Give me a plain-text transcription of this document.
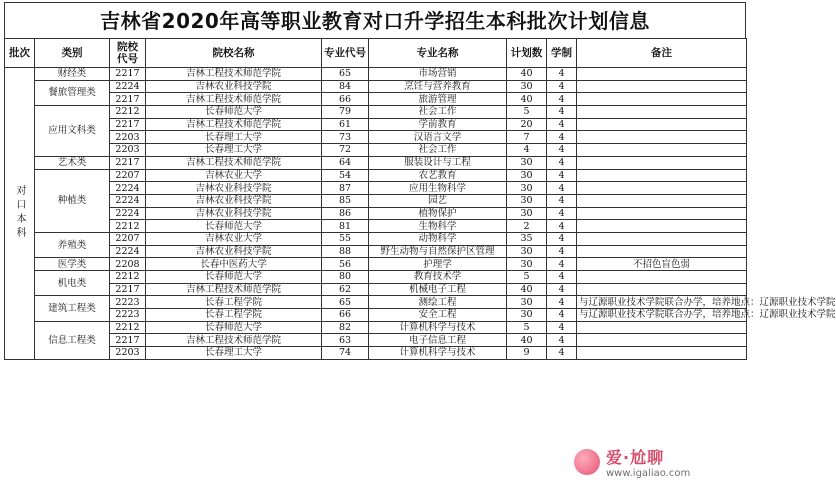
吉林省2020年高等职业教育对口升学招生本科批次计划信息
批次	类别	院校代号	院校名称	专业代号	专业名称	计划数	学制	备注
对口本科	财经类	2217	吉林工程技术师范学院	65	市场营销	40	4	
	餐旅管理类	2224	吉林农业科技学院	84	烹饪与营养教育	30	4	
		2217	吉林工程技术师范学院	66	旅游管理	40	4	
	应用文科类	2212	长春师范大学	79	社会工作	5	4	
		2217	吉林工程技术师范学院	61	学前教育	20	4	
		2203	长春理工大学	73	汉语言文学	7	4	
		2203	长春理工大学	72	社会工作	4	4	
	艺术类	2217	吉林工程技术师范学院	64	服装设计与工程	30	4	
	种植类	2207	吉林农业大学	54	农艺教育	30	4	
		2224	吉林农业科技学院	87	应用生物科学	30	4	
		2224	吉林农业科技学院	85	园艺	30	4	
		2224	吉林农业科技学院	86	植物保护	30	4	
		2212	长春师范大学	81	生物科学	2	4	
	养殖类	2207	吉林农业大学	55	动物科学	35	4	
		2224	吉林农业科技学院	88	野生动物与自然保护区管理	30	4	
	医学类	2208	长春中医药大学	56	护理学	30	4	不招色盲色弱
	机电类	2212	长春师范大学	80	教育技术学	5	4	
		2217	吉林工程技术师范学院	62	机械电子工程	40	4	
	建筑工程类	2223	长春工程学院	65	测绘工程	30	4	与辽源职业技术学院联合办学，培养地点：辽源职业技术学院
		2223	长春工程学院	66	安全工程	30	4	与辽源职业技术学院联合办学，培养地点：辽源职业技术学院
	信息工程类	2212	长春师范大学	82	计算机科学与技术	5	4	
		2217	吉林工程技术师范学院	63	电子信息工程	40	4	
		2203	长春理工大学	74	计算机科学与技术	9	4	
爱·尬聊
www.igaliao.com
